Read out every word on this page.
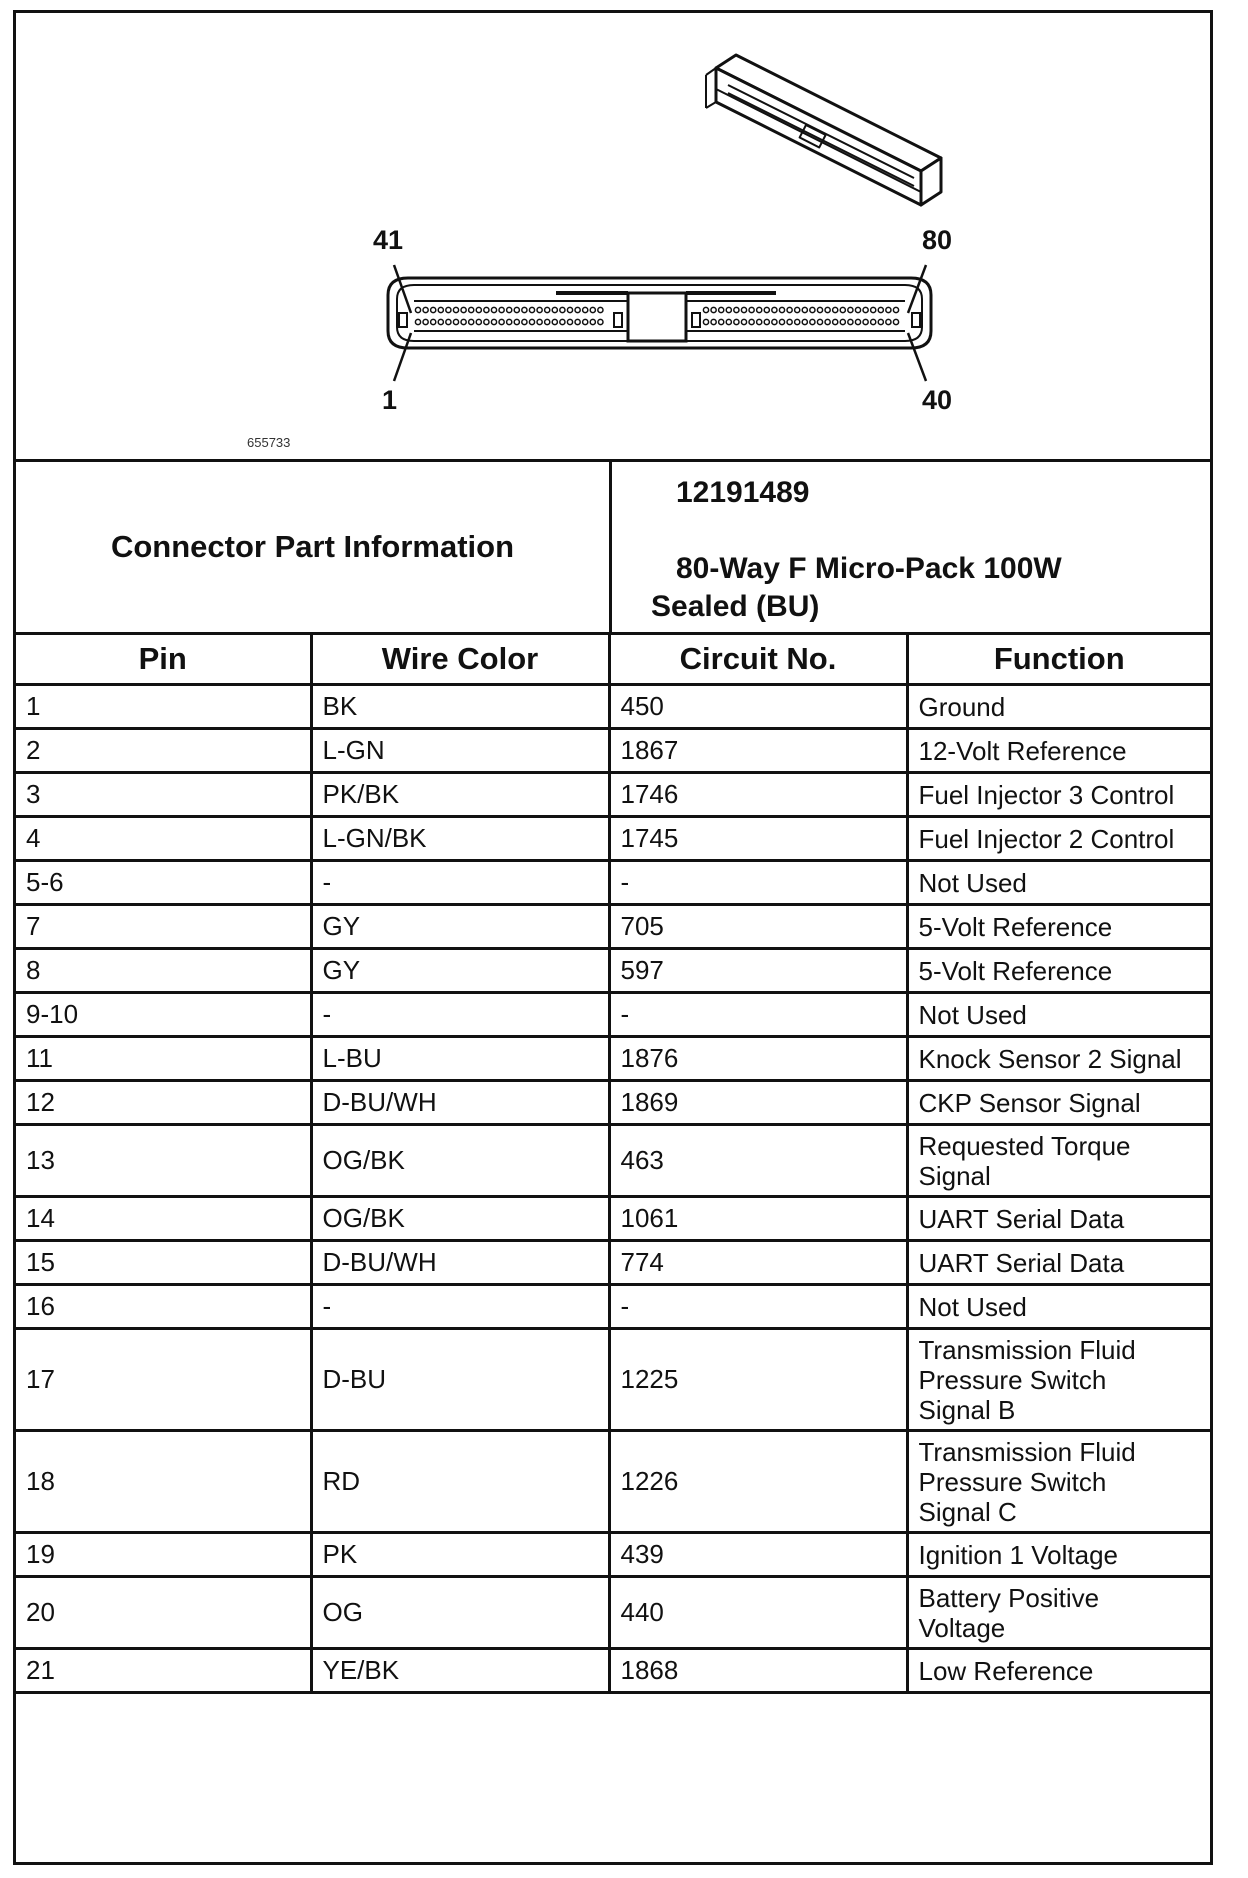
41	80
1	40
655733
Connector Part Information
12191489
80-Way F Micro-Pack 100W
Sealed (BU)
Pin	Wire Color	Circuit No.	Function
1	BK	450	Ground

2	L-GN	1867	12-Volt Reference

3	PK/BK	1746	Fuel Injector 3 Control

4	L-GN/BK	1745	Fuel Injector 2 Control

5-6	-	-	Not Used

7	GY	705	5-Volt Reference

8	GY	597	5-Volt Reference

9-10	-	-	Not Used

11	L-BU	1876	Knock Sensor 2 Signal

12	D-BU/WH	1869	CKP Sensor Signal

13	OG/BK	463	Requested Torque
Signal

14	OG/BK	1061	UART Serial Data

15	D-BU/WH	774	UART Serial Data

16	-	-	Not Used

17	D-BU	1225	Transmission Fluid
Pressure Switch
Signal B

18	RD	1226	Transmission Fluid
Pressure Switch
Signal C

19	PK	439	Ignition 1 Voltage

20	OG	440	Battery Positive
Voltage

21	YE/BK	1868	Low Reference
